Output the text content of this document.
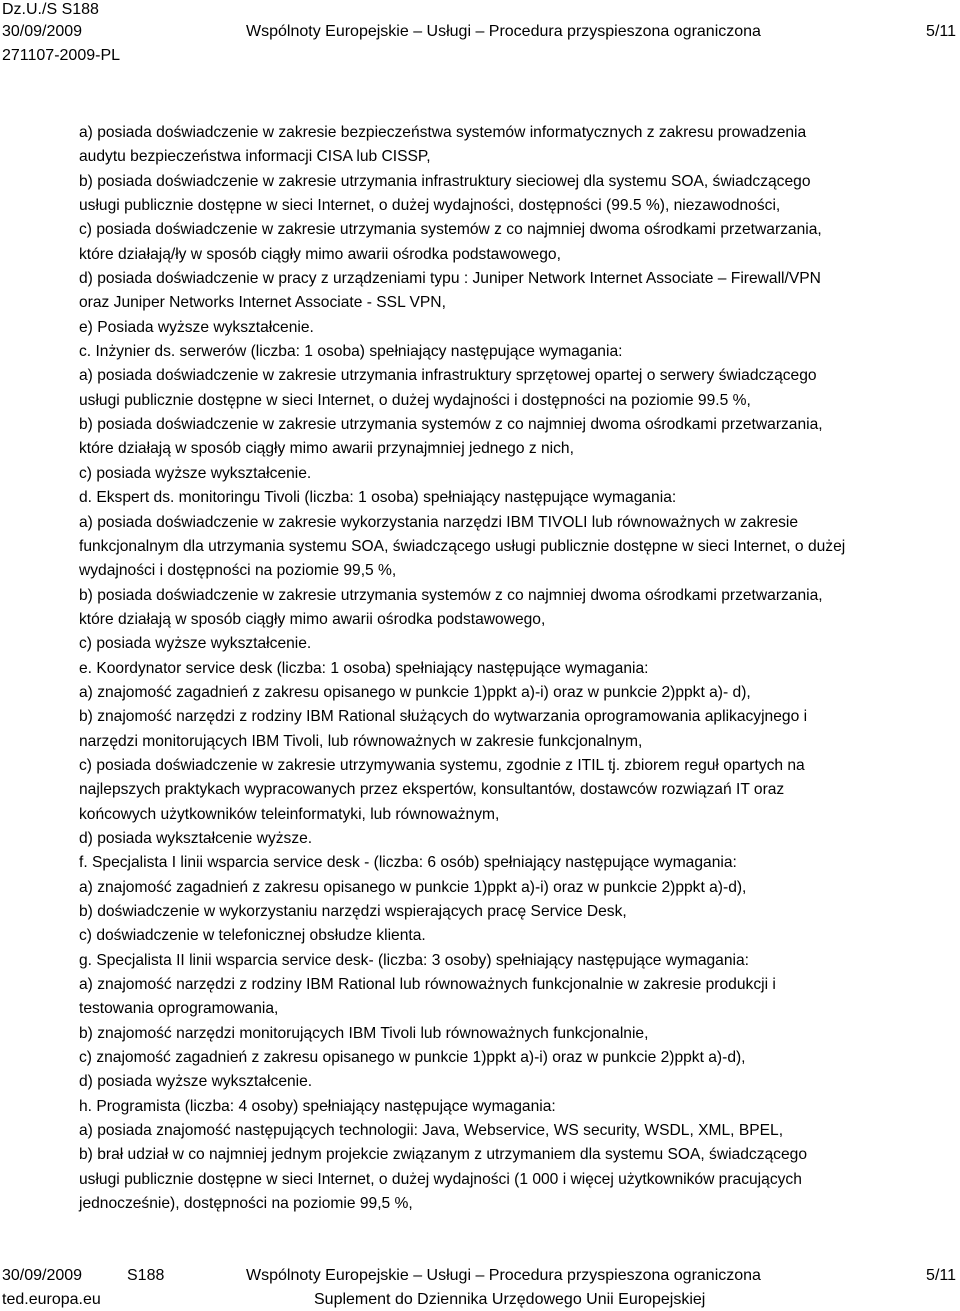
Dz.U./S S188
30/09/2009
271107-2009-PL
Wspólnoty Europejskie – Usługi – Procedura przyspieszona ograniczona	5/11
a) posiada doświadczenie w zakresie bezpieczeństwa systemów informatycznych z zakresu prowadzenia
audytu bezpieczeństwa informacji CISA lub CISSP,
b) posiada doświadczenie w zakresie utrzymania infrastruktury sieciowej dla systemu SOA, świadczącego
usługi publicznie dostępne w sieci Internet, o dużej wydajności, dostępności (99.5 %), niezawodności,
c) posiada doświadczenie w zakresie utrzymania systemów z co najmniej dwoma ośrodkami przetwarzania,
które działają/ły w sposób ciągły mimo awarii ośrodka podstawowego,
d) posiada doświadczenie w pracy z urządzeniami typu : Juniper Network Internet Associate – Firewall/VPN
oraz Juniper Networks Internet Associate - SSL VPN,
e) Posiada wyższe wykształcenie.
c. Inżynier ds. serwerów (liczba: 1 osoba) spełniający następujące wymagania:
a) posiada doświadczenie w zakresie utrzymania infrastruktury sprzętowej opartej o serwery świadczącego
usługi publicznie dostępne w sieci Internet, o dużej wydajności i dostępności na poziomie 99.5 %,
b) posiada doświadczenie w zakresie utrzymania systemów z co najmniej dwoma ośrodkami przetwarzania,
które działają w sposób ciągły mimo awarii przynajmniej jednego z nich,
c) posiada wyższe wykształcenie.
d. Ekspert ds. monitoringu Tivoli (liczba: 1 osoba) spełniający następujące wymagania:
a) posiada doświadczenie w zakresie wykorzystania narzędzi IBM TIVOLI lub równoważnych w zakresie
funkcjonalnym dla utrzymania systemu SOA, świadczącego usługi publicznie dostępne w sieci Internet, o dużej
wydajności i dostępności na poziomie 99,5 %,
b) posiada doświadczenie w zakresie utrzymania systemów z co najmniej dwoma ośrodkami przetwarzania,
które działają w sposób ciągły mimo awarii ośrodka podstawowego,
c) posiada wyższe wykształcenie.
e. Koordynator service desk (liczba: 1 osoba) spełniający następujące wymagania:
a) znajomość zagadnień z zakresu opisanego w punkcie 1)ppkt a)-i) oraz w punkcie 2)ppkt a)- d),
b) znajomość narzędzi z rodziny IBM Rational służących do wytwarzania oprogramowania aplikacyjnego i
narzędzi monitorujących IBM Tivoli, lub równoważnych w zakresie funkcjonalnym,
c) posiada doświadczenie w zakresie utrzymywania systemu, zgodnie z ITIL tj. zbiorem reguł opartych na
najlepszych praktykach wypracowanych przez ekspertów, konsultantów, dostawców rozwiązań IT oraz
końcowych użytkowników teleinformatyki, lub równoważnym,
d) posiada wykształcenie wyższe.
f. Specjalista I linii wsparcia service desk - (liczba: 6 osób) spełniający następujące wymagania:
a) znajomość zagadnień z zakresu opisanego w punkcie 1)ppkt a)-i) oraz w punkcie 2)ppkt a)-d),
b) doświadczenie w wykorzystaniu narzędzi wspierających pracę Service Desk,
c) doświadczenie w telefonicznej obsłudze klienta.
g. Specjalista II linii wsparcia service desk- (liczba: 3 osoby) spełniający następujące wymagania:
a) znajomość narzędzi z rodziny IBM Rational lub równoważnych funkcjonalnie w zakresie produkcji i
testowania oprogramowania,
b) znajomość narzędzi monitorujących IBM Tivoli lub równoważnych funkcjonalnie,
c) znajomość zagadnień z zakresu opisanego w punkcie 1)ppkt a)-i) oraz w punkcie 2)ppkt a)-d),
d) posiada wyższe wykształcenie.
h. Programista (liczba: 4 osoby) spełniający następujące wymagania:
a) posiada znajomość następujących technologii: Java, Webservice, WS security, WSDL, XML, BPEL,
b) brał udział w co najmniej jednym projekcie związanym z utrzymaniem dla systemu SOA, świadczącego
usługi publicznie dostępne w sieci Internet, o dużej wydajności (1 000 i więcej użytkowników pracujących
jednocześnie), dostępności na poziomie 99,5 %,
30/09/2009	S188	Wspólnoty Europejskie – Usługi – Procedura przyspieszona ograniczona	5/11
ted.europa.eu	Suplement do Dziennika Urzędowego Unii Europejskiej
